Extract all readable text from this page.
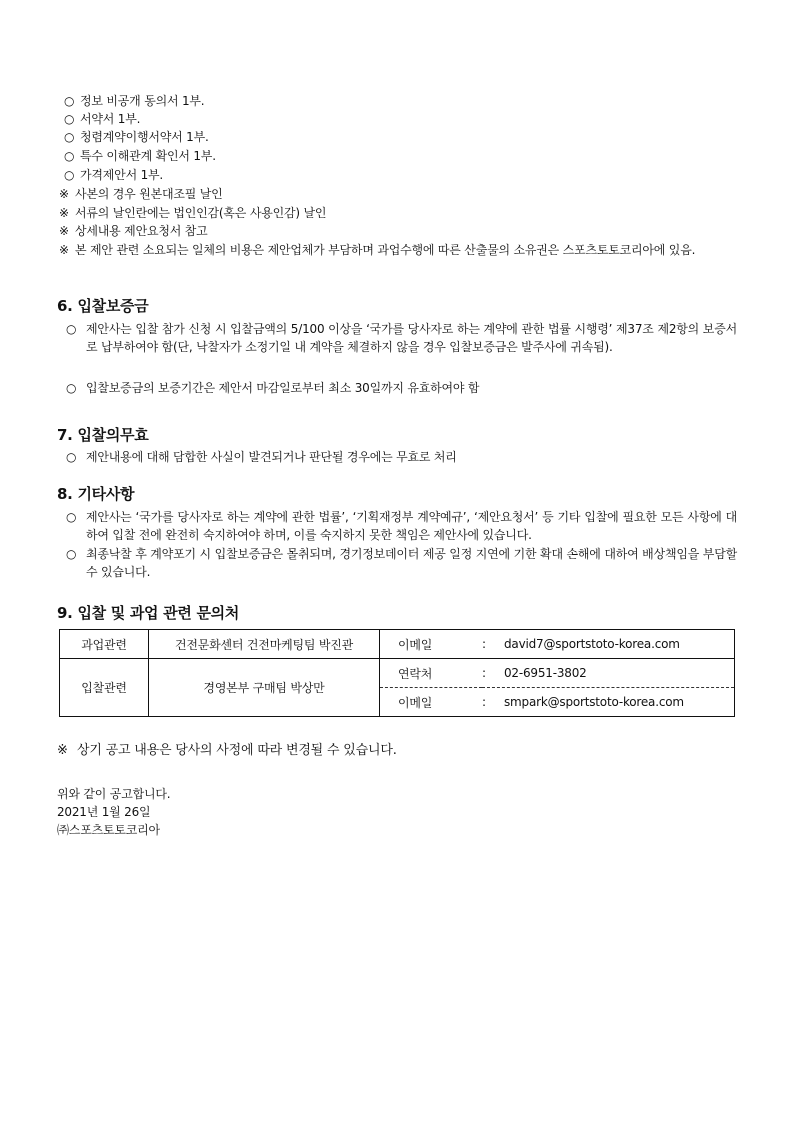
○ 정보 비공개 동의서 1부.
○ 서약서 1부.
○ 청렴계약이행서약서 1부.
○ 특수 이해관계 확인서 1부.
○ 가격제안서 1부.
※ 사본의 경우 원본대조필 날인
※ 서류의 날인란에는 법인인감(혹은 사용인감) 날인
※ 상세내용 제안요청서 참고
※ 본 제안 관련 소요되는 일체의 비용은 제안업체가 부담하며 과업수행에 따른 산출물의 소유권은 스포츠토토코리아에 있음.
6. 입찰보증금
○ 제안사는 입찰 참가 신청 시 입찰금액의 5/100 이상을 ‘국가를 당사자로 하는 계약에 관한 법률 시행령’ 제37조 제2항의 보증서로 납부하여야 함(단, 낙찰자가 소정기일 내 계약을 체결하지 않을 경우 입찰보증금은 발주사에 귀속됨).
○ 입찰보증금의 보증기간은 제안서 마감일로부터 최소 30일까지 유효하여야 함
7. 입찰의무효
○ 제안내용에 대해 담합한 사실이 발견되거나 판단될 경우에는 무효로 처리
8. 기타사항
○ 제안사는 ‘국가를 당사자로 하는 계약에 관한 법률’, ‘기획재정부 계약예규’, ‘제안요청서’ 등 기타 입찰에 필요한 모든 사항에 대하여 입찰 전에 완전히 숙지하여야 하며, 이를 숙지하지 못한 책임은 제안사에 있습니다.
○ 최종낙찰 후 계약포기 시 입찰보증금은 몰취되며, 경기정보데이터 제공 일정 지연에 기한 확대 손해에 대하여 배상책임을 부담할 수 있습니다.
9. 입찰 및 과업 관련 문의처
과업관련	건전문화센터 건전마케팅팀 박진관	이메일	: david7@sportstoto-korea.com
입찰관련	경영본부 구매팀 박상만	연락처	: 02-6951-3802
		이메일	: smpark@sportstoto-korea.com
※ 상기 공고 내용은 당사의 사정에 따라 변경될 수 있습니다.
위와 같이 공고합니다.
2021년 1월 26일
㈜스포츠토토코리아
